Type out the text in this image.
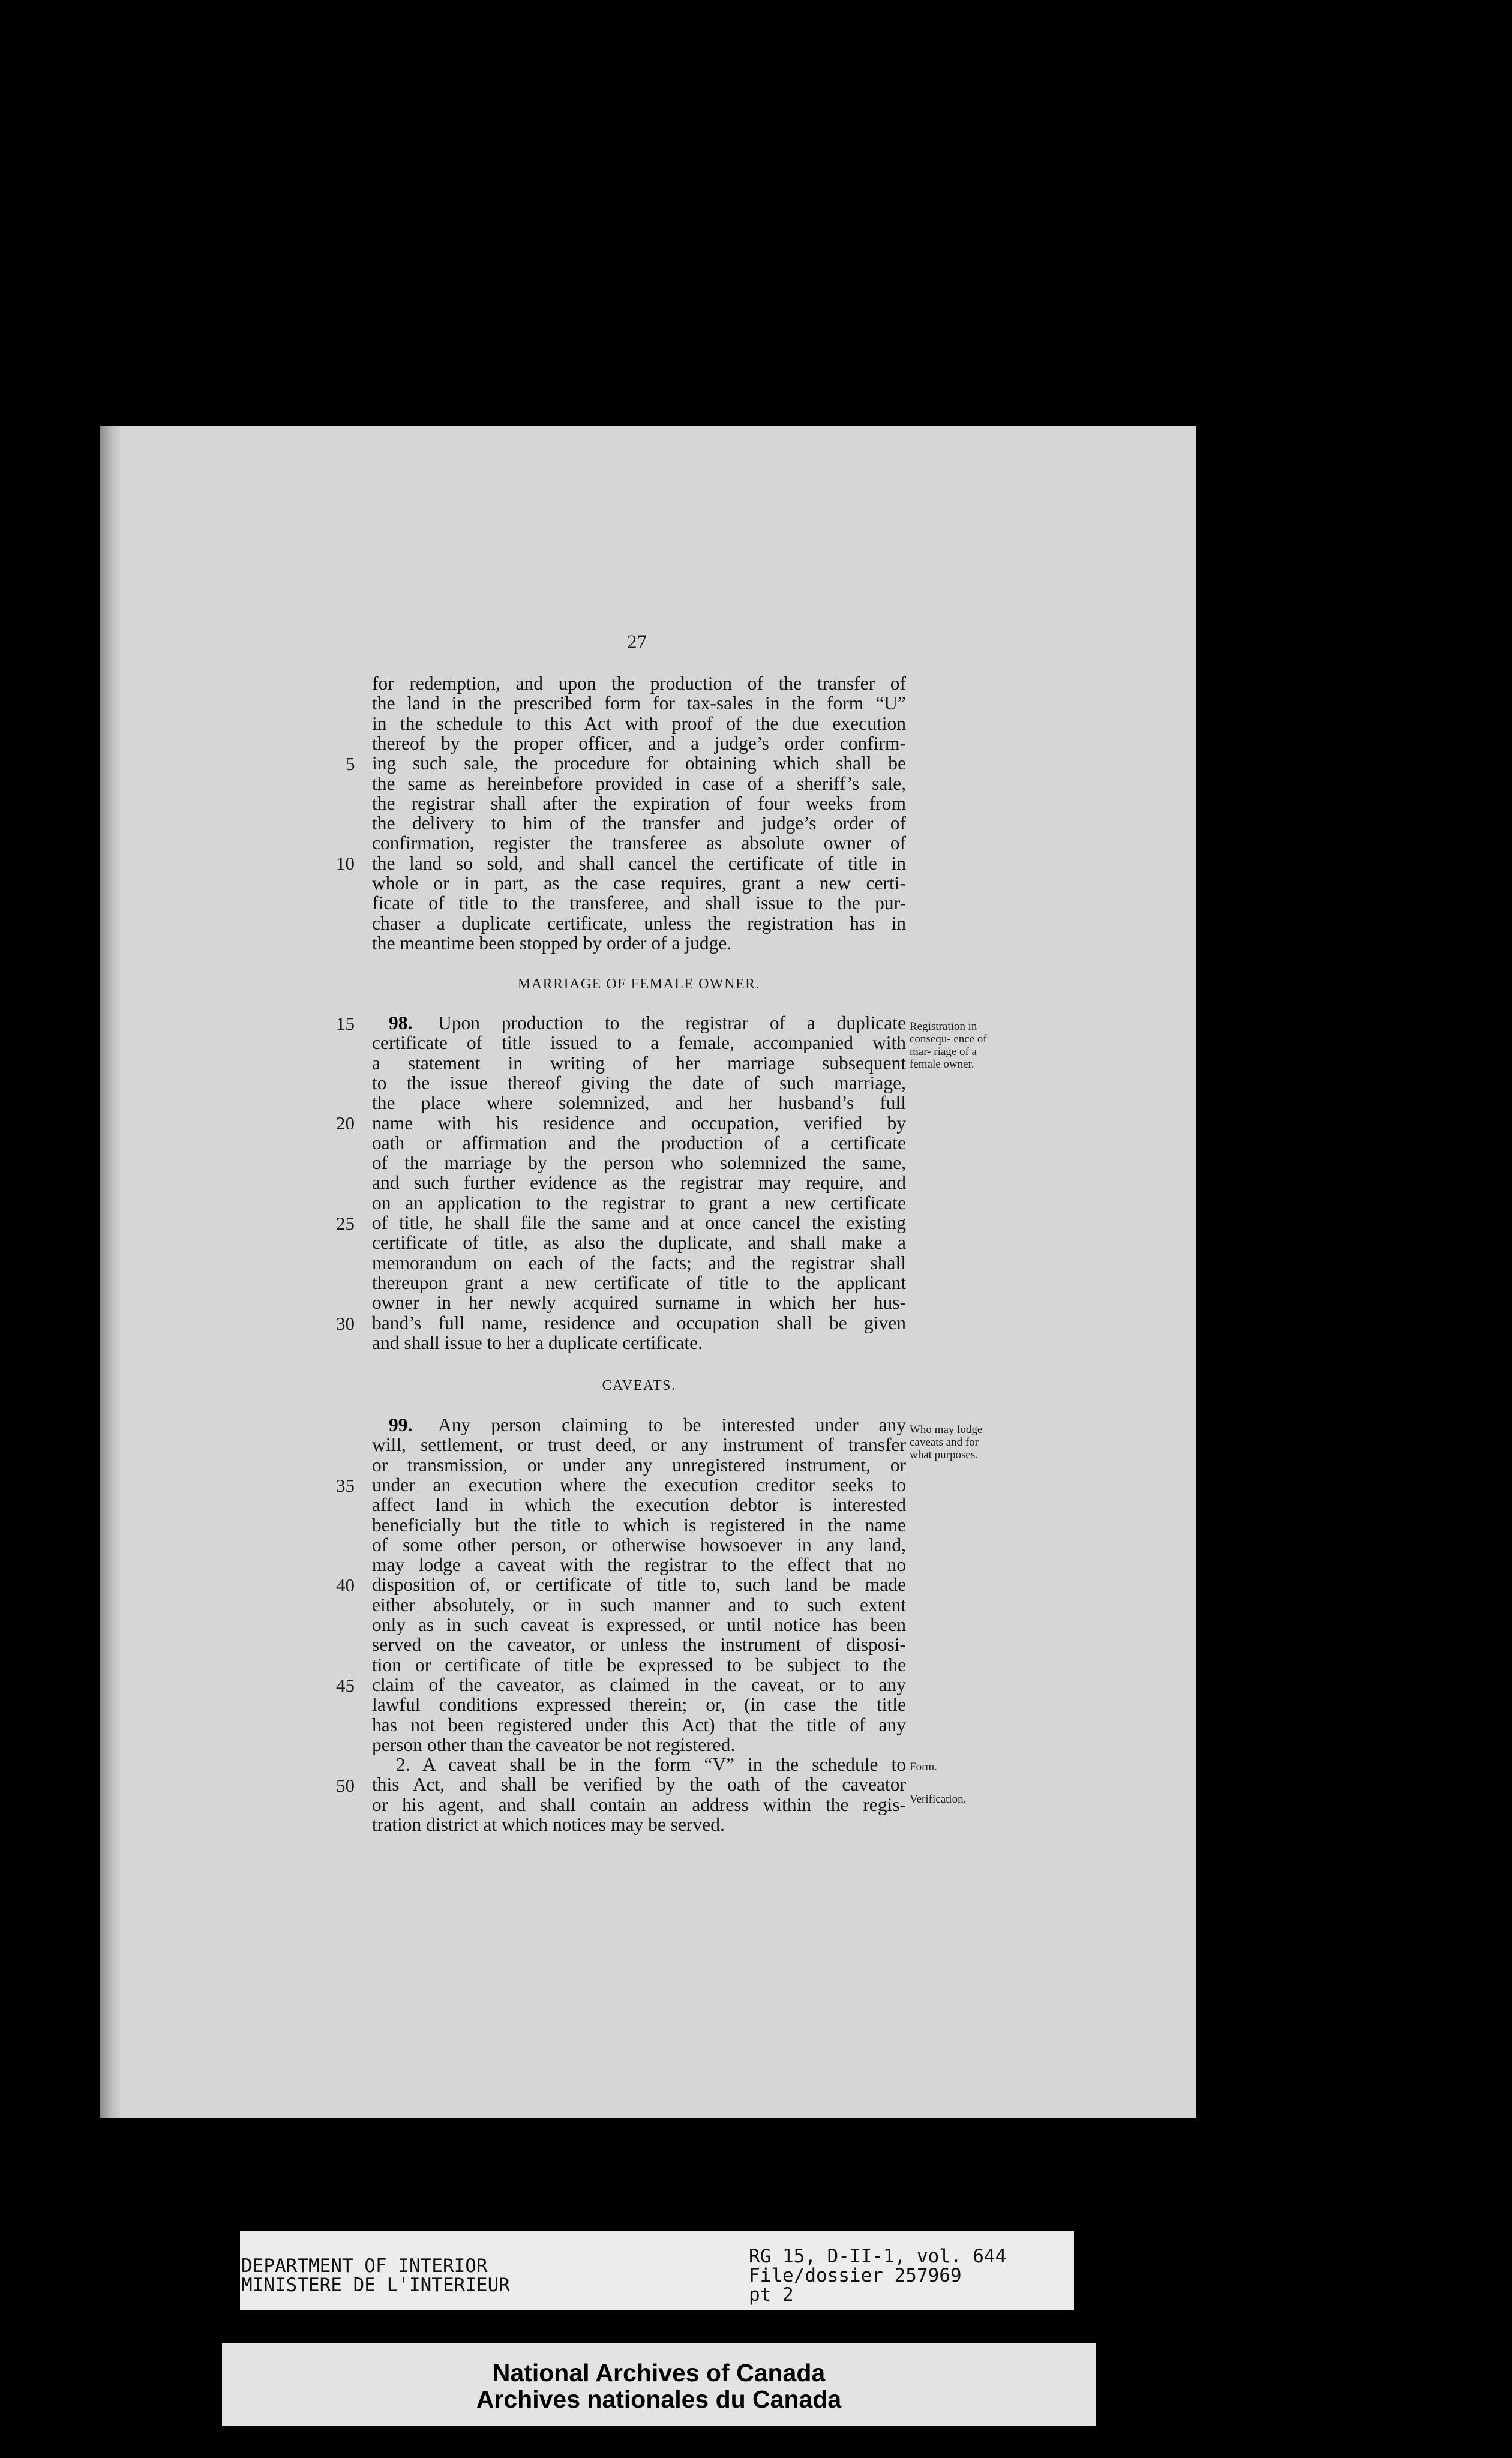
27
for redemption, and upon the production of the transfer of
the land in the prescribed form for tax-sales in the form “U”
in the schedule to this Act with proof of the due execution
thereof by the proper officer, and a judge’s order confirm-
ing such sale, the procedure for obtaining which shall be
the same as hereinbefore provided in case of a sheriff’s sale,
the registrar shall after the expiration of four weeks from
the delivery to him of the transfer and judge’s order of
confirmation, register the transferee as absolute owner of
the land so sold, and shall cancel the certificate of title in
whole or in part, as the case requires, grant a new certi-
ficate of title to the transferee, and shall issue to the pur-
chaser a duplicate certificate, unless the registration has in
the meantime been stopped by order of a judge.
MARRIAGE OF FEMALE OWNER.
98. Upon production to the registrar of a duplicate
certificate of title issued to a female, accompanied with
a statement in writing of her marriage subsequent
to the issue thereof giving the date of such marriage,
the place where solemnized, and her husband’s full
name with his residence and occupation, verified by
oath or affirmation and the production of a certificate
of the marriage by the person who solemnized the same,
and such further evidence as the registrar may require, and
on an application to the registrar to grant a new certificate
of title, he shall file the same and at once cancel the existing
certificate of title, as also the duplicate, and shall make a
memorandum on each of the facts; and the registrar shall
thereupon grant a new certificate of title to the applicant
owner in her newly acquired surname in which her hus-
band’s full name, residence and occupation shall be given
and shall issue to her a duplicate certificate.
Registration in consequ- ence of mar- riage of a female owner.
CAVEATS.
99. Any person claiming to be interested under any
will, settlement, or trust deed, or any instrument of transfer
or transmission, or under any unregistered instrument, or
under an execution where the execution creditor seeks to
affect land in which the execution debtor is interested
beneficially but the title to which is registered in the name
of some other person, or otherwise howsoever in any land,
may lodge a caveat with the registrar to the effect that no
disposition of, or certificate of title to, such land be made
either absolutely, or in such manner and to such extent
only as in such caveat is expressed, or until notice has been
served on the caveator, or unless the instrument of disposi-
tion or certificate of title be expressed to be subject to the
claim of the caveator, as claimed in the caveat, or to any
lawful conditions expressed therein; or, (in case the title
has not been registered under this Act) that the title of any
person other than the caveator be not registered.
2. A caveat shall be in the form “V” in the schedule to
this Act, and shall be verified by the oath of the caveator
or his agent, and shall contain an address within the regis-
tration district at which notices may be served.
Who may lodge caveats and for what purposes.
Form.
Verification.
5
10
15
20
25
30
35
40
45
50
DEPARTMENT OF INTERIOR
MINISTERE DE L'INTERIEUR
RG 15, D-II-1, vol. 644
File/dossier 257969
pt 2
National Archives of Canada
Archives nationales du Canada
